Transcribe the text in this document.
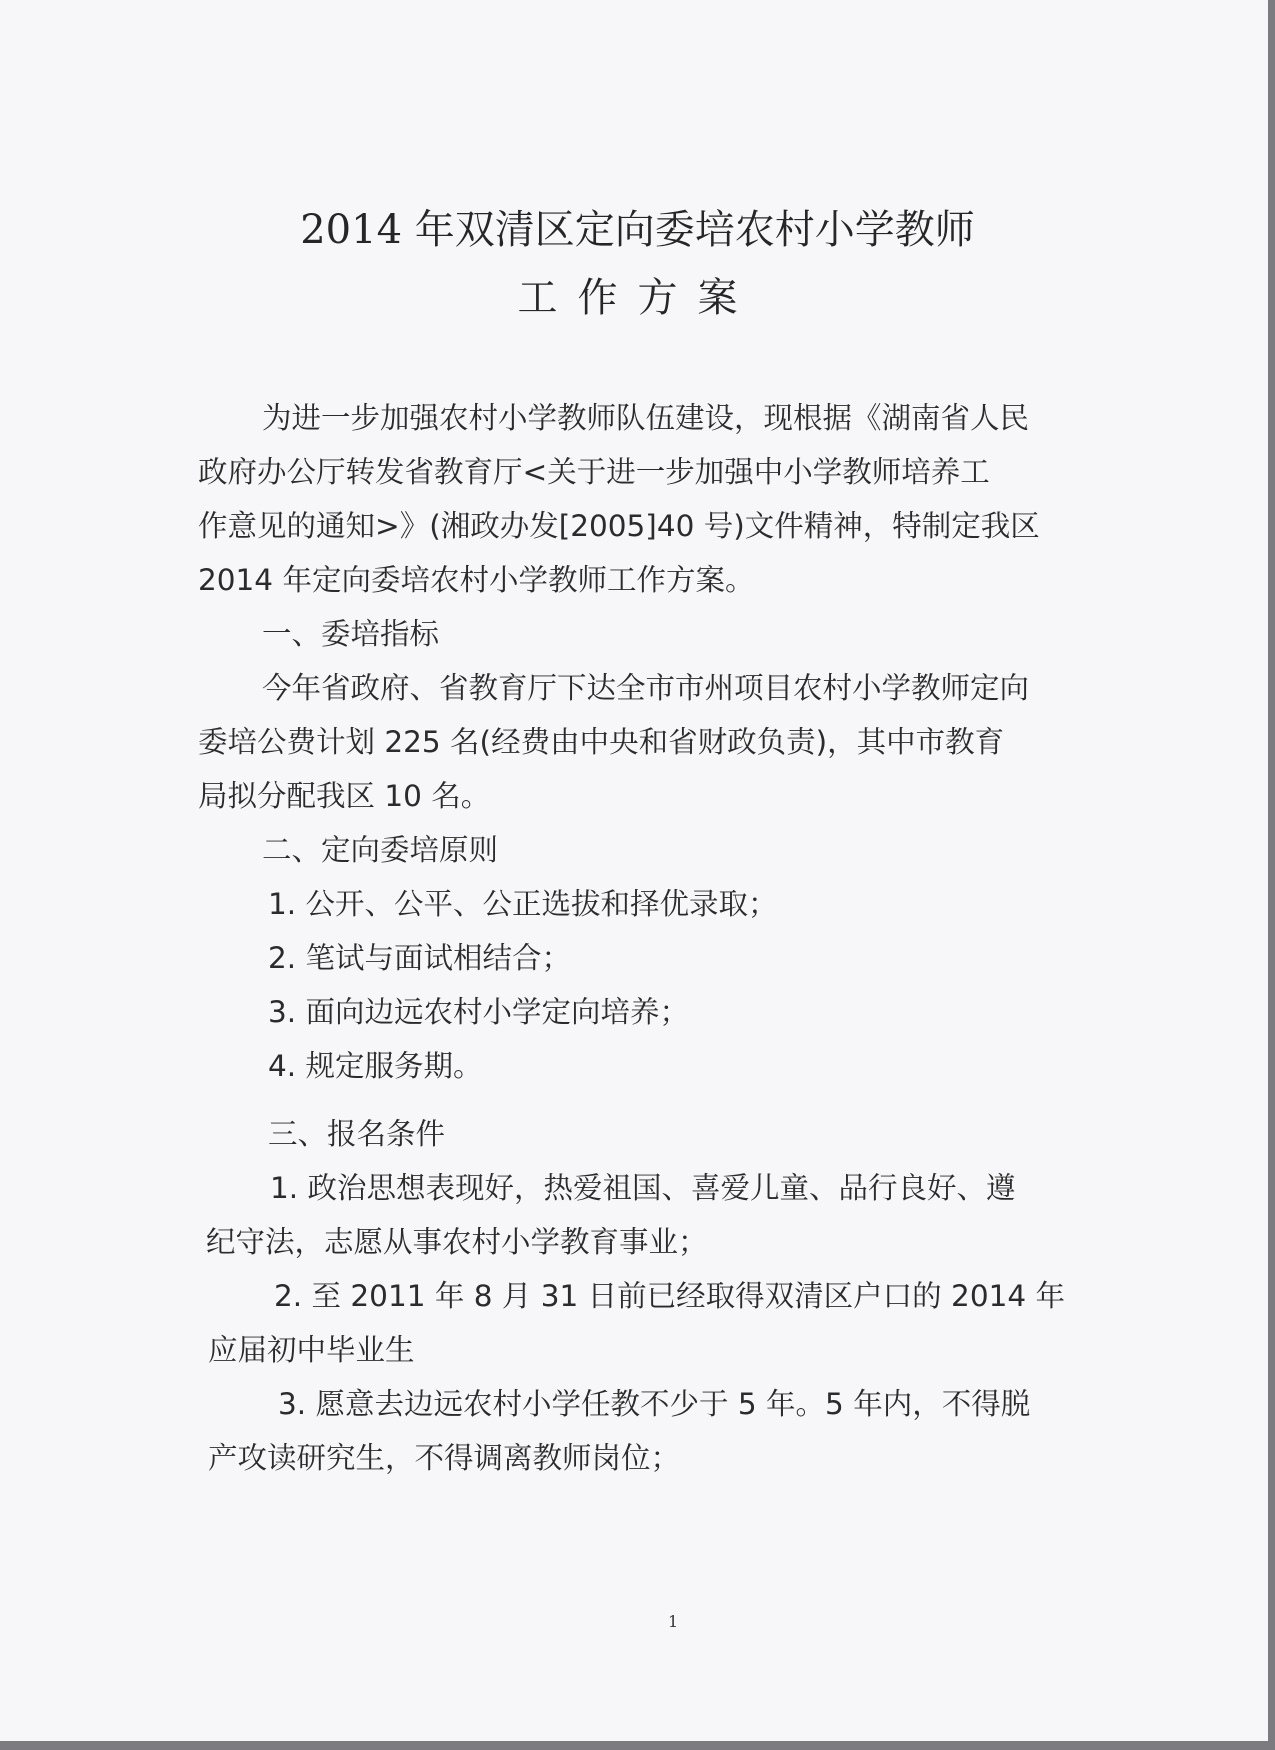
2014 年双清区定向委培农村小学教师
工作方案
为进一步加强农村小学教师队伍建设，现根据《湖南省人民
政府办公厅转发省教育厅<关于进一步加强中小学教师培养工
作意见的通知>》(湘政办发[2005]40 号)文件精神，特制定我区
2014 年定向委培农村小学教师工作方案。
一、委培指标
今年省政府、省教育厅下达全市市州项目农村小学教师定向
委培公费计划 225 名(经费由中央和省财政负责)，其中市教育
局拟分配我区 10 名。
二、定向委培原则
1. 公开、公平、公正选拔和择优录取；
2. 笔试与面试相结合；
3. 面向边远农村小学定向培养；
4. 规定服务期。
三、报名条件
1. 政治思想表现好，热爱祖国、喜爱儿童、品行良好、遵
纪守法，志愿从事农村小学教育事业；
2. 至 2011 年 8 月 31 日前已经取得双清区户口的 2014 年
应届初中毕业生
3. 愿意去边远农村小学任教不少于 5 年。5 年内，不得脱
产攻读研究生，不得调离教师岗位；
1
